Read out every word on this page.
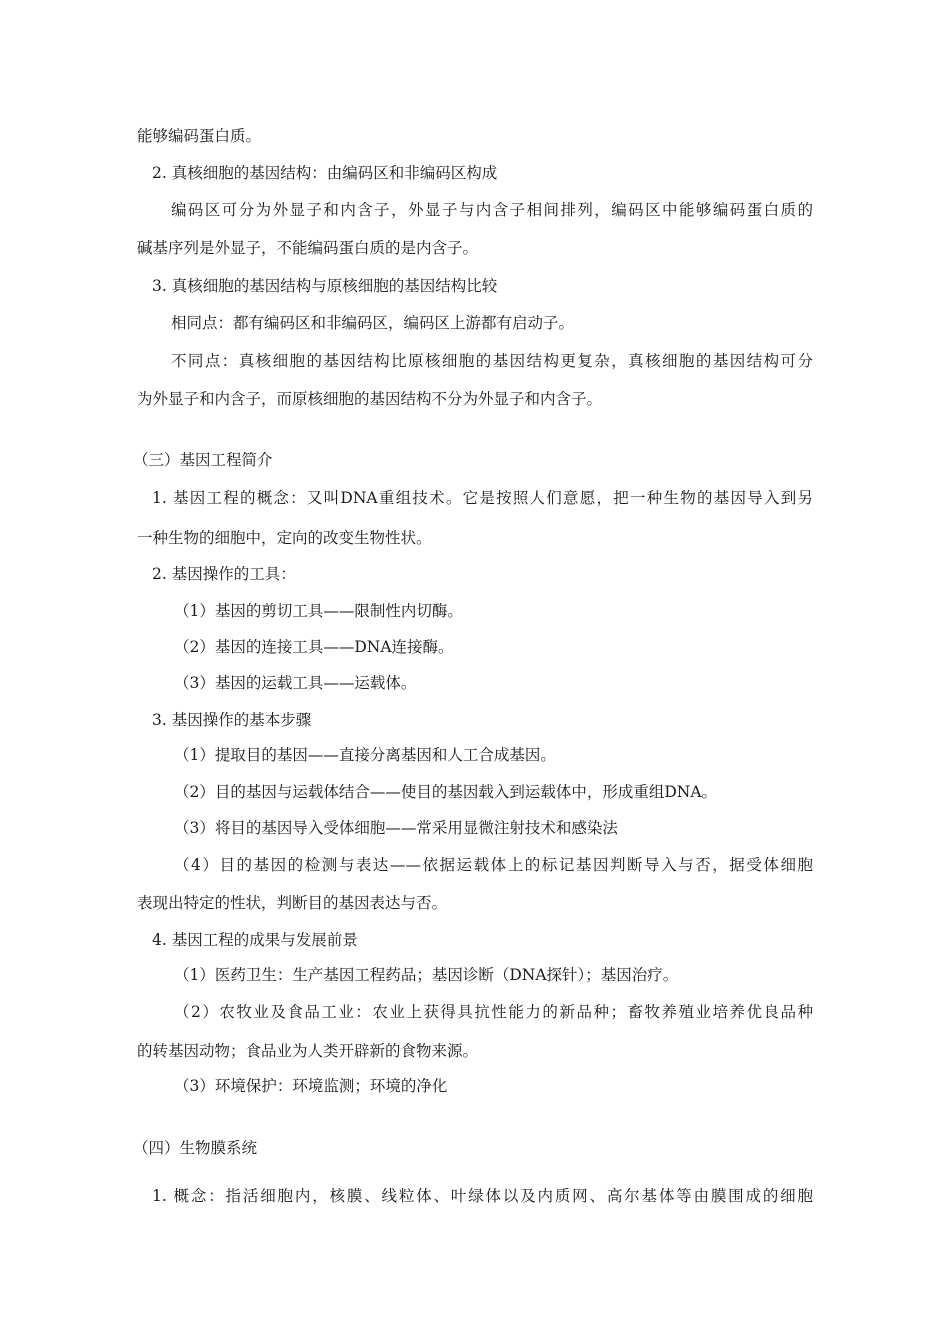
能够编码蛋白质。
2. 真核细胞的基因结构：由编码区和非编码区构成
编码区可分为外显子和内含子，外显子与内含子相间排列，编码区中能够编码蛋白质的
碱基序列是外显子，不能编码蛋白质的是内含子。
3. 真核细胞的基因结构与原核细胞的基因结构比较
相同点：都有编码区和非编码区，编码区上游都有启动子。
不同点：真核细胞的基因结构比原核细胞的基因结构更复杂，真核细胞的基因结构可分
为外显子和内含子，而原核细胞的基因结构不分为外显子和内含子。
（三）基因工程简介
1. 基因工程的概念：又叫DNA重组技术。它是按照人们意愿，把一种生物的基因导入到另
一种生物的细胞中，定向的改变生物性状。
2. 基因操作的工具：
（1）基因的剪切工具——限制性内切酶。
（2）基因的连接工具——DNA连接酶。
（3）基因的运载工具——运载体。
3. 基因操作的基本步骤
（1）提取目的基因——直接分离基因和人工合成基因。
（2）目的基因与运载体结合——使目的基因载入到运载体中，形成重组DNA。
（3）将目的基因导入受体细胞——常采用显微注射技术和感染法
（4）目的基因的检测与表达——依据运载体上的标记基因判断导入与否，据受体细胞
表现出特定的性状，判断目的基因表达与否。
4. 基因工程的成果与发展前景
（1）医药卫生：生产基因工程药品；基因诊断（DNA探针）；基因治疗。
（2）农牧业及食品工业：农业上获得具抗性能力的新品种；畜牧养殖业培养优良品种
的转基因动物；食品业为人类开辟新的食物来源。
（3）环境保护：环境监测；环境的净化
（四）生物膜系统
1. 概念：指活细胞内，核膜、线粒体、叶绿体以及内质网、高尔基体等由膜围成的细胞
